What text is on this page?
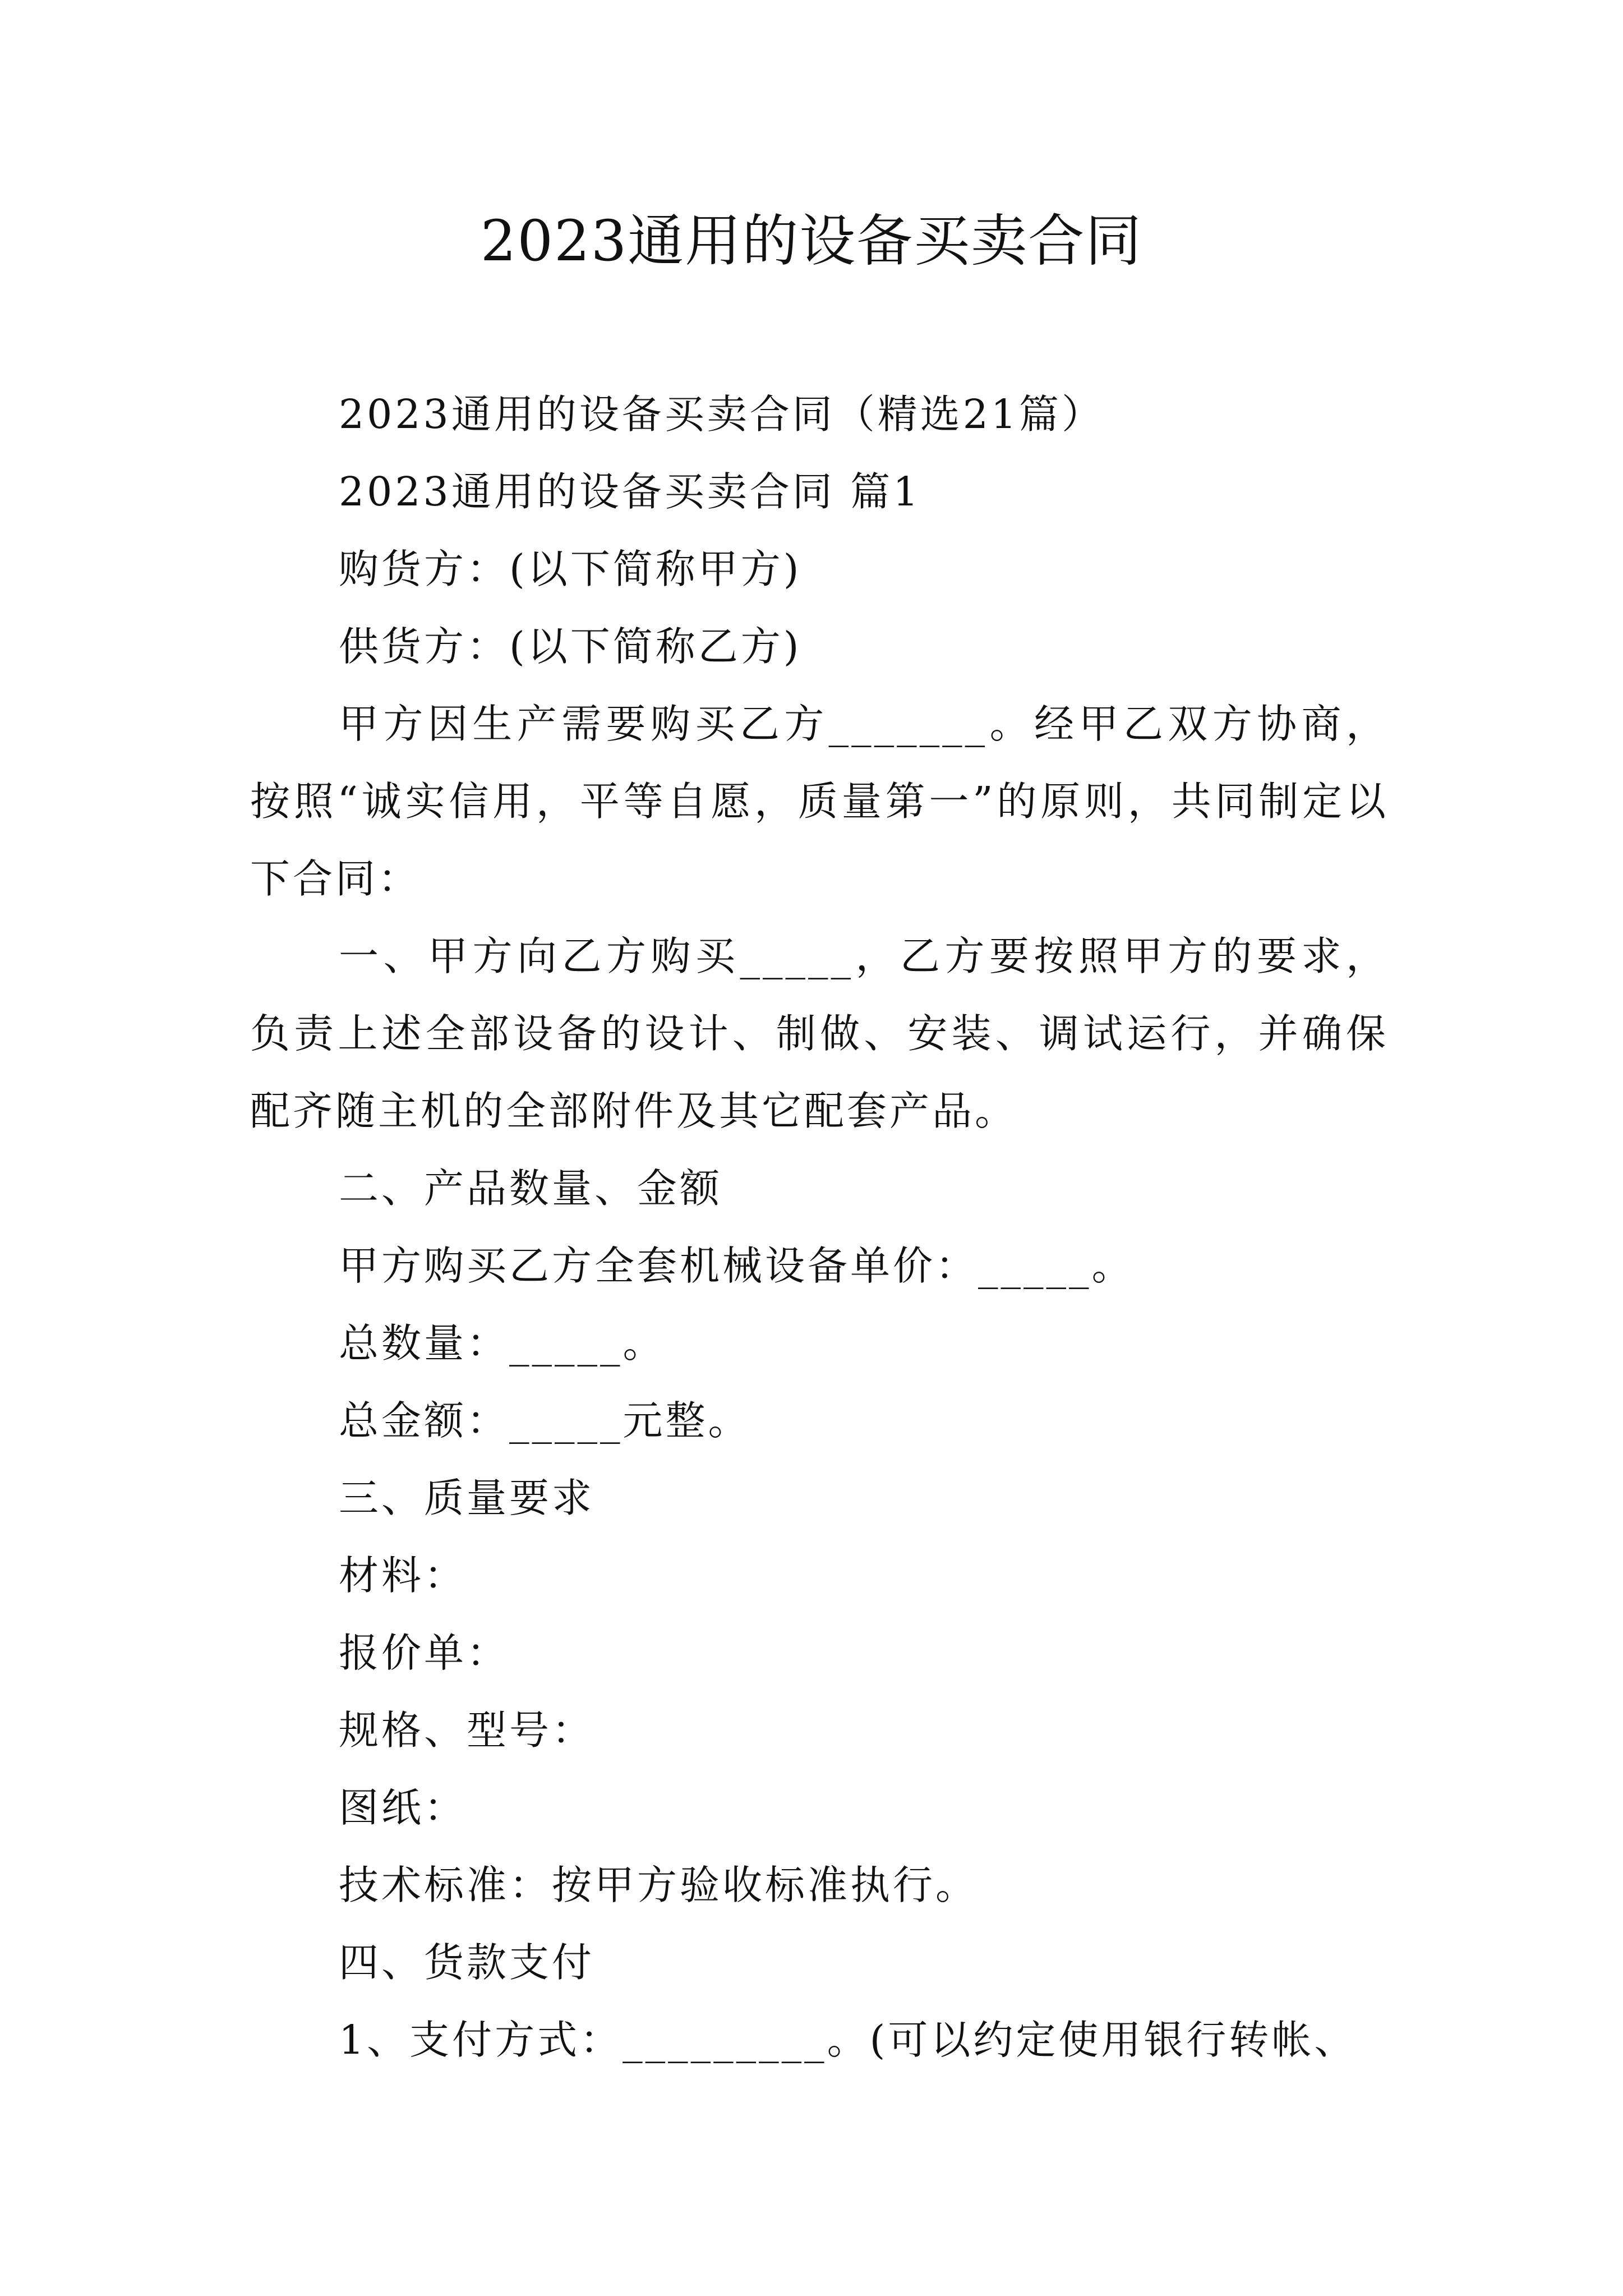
2023通用的设备买卖合同

2023通用的设备买卖合同（精选21篇）

2023通用的设备买卖合同 篇1

购货方：(以下简称甲方)

供货方：(以下简称乙方)

甲方因生产需要购买乙方_______。经甲乙双方协商，按照“诚实信用，平等自愿，质量第一”的原则，共同制定以下合同：

一、甲方向乙方购买_____，乙方要按照甲方的要求，负责上述全部设备的设计、制做、安装、调试运行，并确保配齐随主机的全部附件及其它配套产品。

二、产品数量、金额

甲方购买乙方全套机械设备单价：_____。

总数量：_____。

总金额：_____元整。

三、质量要求

材料：

报价单：

规格、型号：

图纸：

技术标准：按甲方验收标准执行。

四、货款支付

1、支付方式：_________。(可以约定使用银行转帐、
